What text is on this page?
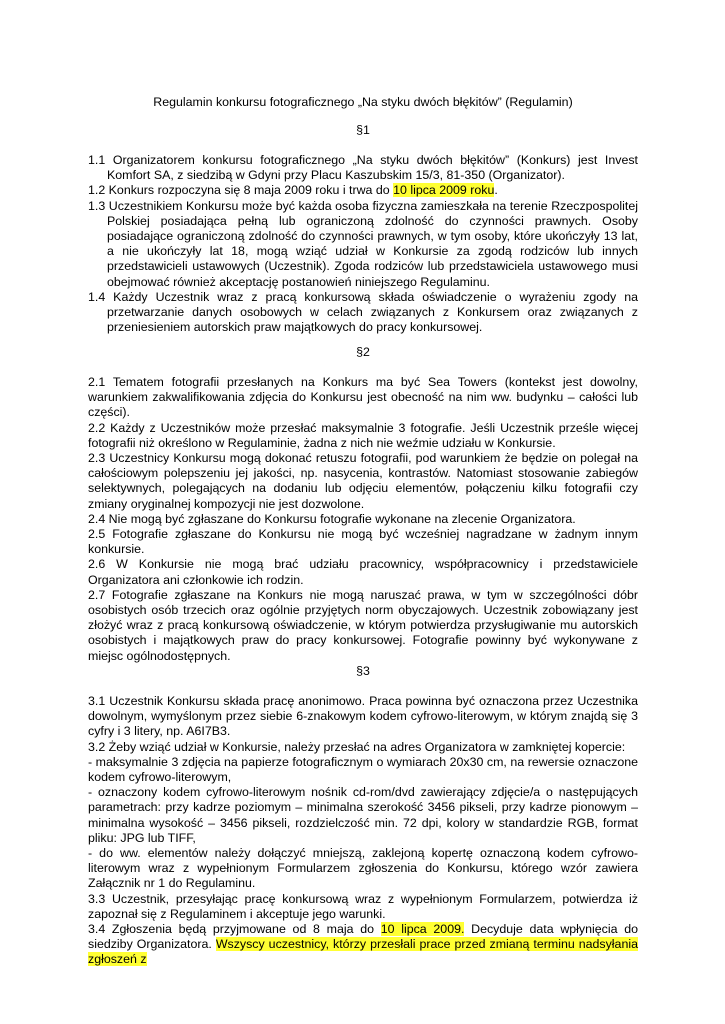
Regulamin konkursu fotograficznego „Na styku dwóch błękitów” (Regulamin)
§1

1.1 Organizatorem konkursu fotograficznego „Na styku dwóch błękitów” (Konkurs) jest Invest Komfort SA, z siedzibą w Gdyni przy Placu Kaszubskim 15/3, 81-350 (Organizator).

1.2 Konkurs rozpoczyna się 8 maja 2009 roku i trwa do 10 lipca 2009 roku.

1.3 Uczestnikiem Konkursu może być każda osoba fizyczna zamieszkała na terenie Rzeczpospolitej Polskiej posiadająca pełną lub ograniczoną zdolność do czynności prawnych. Osoby posiadające ograniczoną zdolność do czynności prawnych, w tym osoby, które ukończyły 13 lat, a nie ukończyły lat 18, mogą wziąć udział w Konkursie za zgodą rodziców lub innych przedstawicieli ustawowych (Uczestnik). Zgoda rodziców lub przedstawiciela ustawowego musi obejmować również akceptację postanowień niniejszego Regulaminu.

1.4 Każdy Uczestnik wraz z pracą konkursową składa oświadczenie o wyrażeniu zgody na przetwarzanie danych osobowych w celach związanych z Konkursem oraz związanych z przeniesieniem autorskich praw majątkowych do pracy konkursowej.

§2

2.1 Tematem fotografii przesłanych na Konkurs ma być Sea Towers (kontekst jest dowolny, warunkiem zakwalifikowania zdjęcia do Konkursu jest obecność na nim ww. budynku – całości lub części).

2.2 Każdy z Uczestników może przesłać maksymalnie 3 fotografie. Jeśli Uczestnik prześle więcej fotografii niż określono w Regulaminie, żadna z nich nie weźmie udziału w Konkursie.

2.3 Uczestnicy Konkursu mogą dokonać retuszu fotografii, pod warunkiem że będzie on polegał na całościowym polepszeniu jej jakości, np. nasycenia, kontrastów. Natomiast stosowanie zabiegów selektywnych, polegających na dodaniu lub odjęciu elementów, połączeniu kilku fotografii czy zmiany oryginalnej kompozycji nie jest dozwolone.

2.4 Nie mogą być zgłaszane do Konkursu fotografie wykonane na zlecenie Organizatora.

2.5 Fotografie zgłaszane do Konkursu nie mogą być wcześniej nagradzane w żadnym innym konkursie.

2.6 W Konkursie nie mogą brać udziału pracownicy, współpracownicy i przedstawiciele Organizatora ani członkowie ich rodzin.

2.7 Fotografie zgłaszane na Konkurs nie mogą naruszać prawa, w tym w szczególności dóbr osobistych osób trzecich oraz ogólnie przyjętych norm obyczajowych. Uczestnik zobowiązany jest złożyć wraz z pracą konkursową oświadczenie, w którym potwierdza przysługiwanie mu autorskich osobistych i majątkowych praw do pracy konkursowej. Fotografie powinny być wykonywane z miejsc ogólnodostępnych.

§3

3.1 Uczestnik Konkursu składa pracę anonimowo. Praca powinna być oznaczona przez Uczestnika dowolnym, wymyślonym przez siebie 6-znakowym kodem cyfrowo-literowym, w którym znajdą się 3 cyfry i 3 litery, np. A6I7B3.

3.2 Żeby wziąć udział w Konkursie, należy przesłać na adres Organizatora w zamkniętej kopercie:

- maksymalnie 3 zdjęcia na papierze fotograficznym o wymiarach 20x30 cm, na rewersie oznaczone kodem cyfrowo-literowym,

- oznaczony kodem cyfrowo-literowym nośnik cd-rom/dvd zawierający zdjęcie/a o następujących parametrach: przy kadrze poziomym – minimalna szerokość 3456 pikseli, przy kadrze pionowym – minimalna wysokość – 3456 pikseli, rozdzielczość min. 72 dpi, kolory w standardzie RGB, format pliku: JPG lub TIFF,

- do ww. elementów należy dołączyć mniejszą, zaklejoną kopertę oznaczoną kodem cyfrowo-literowym wraz z wypełnionym Formularzem zgłoszenia do Konkursu, którego wzór zawiera Załącznik nr 1 do Regulaminu.

3.3 Uczestnik, przesyłając pracę konkursową wraz z wypełnionym Formularzem, potwierdza iż zapoznał się z Regulaminem i akceptuje jego warunki.

3.4 Zgłoszenia będą przyjmowane od 8 maja do 10 lipca 2009. Decyduje data wpłynięcia do siedziby Organizatora. Wszyscy uczestnicy, którzy przesłali prace przed zmianą terminu nadsyłania zgłoszeń z
